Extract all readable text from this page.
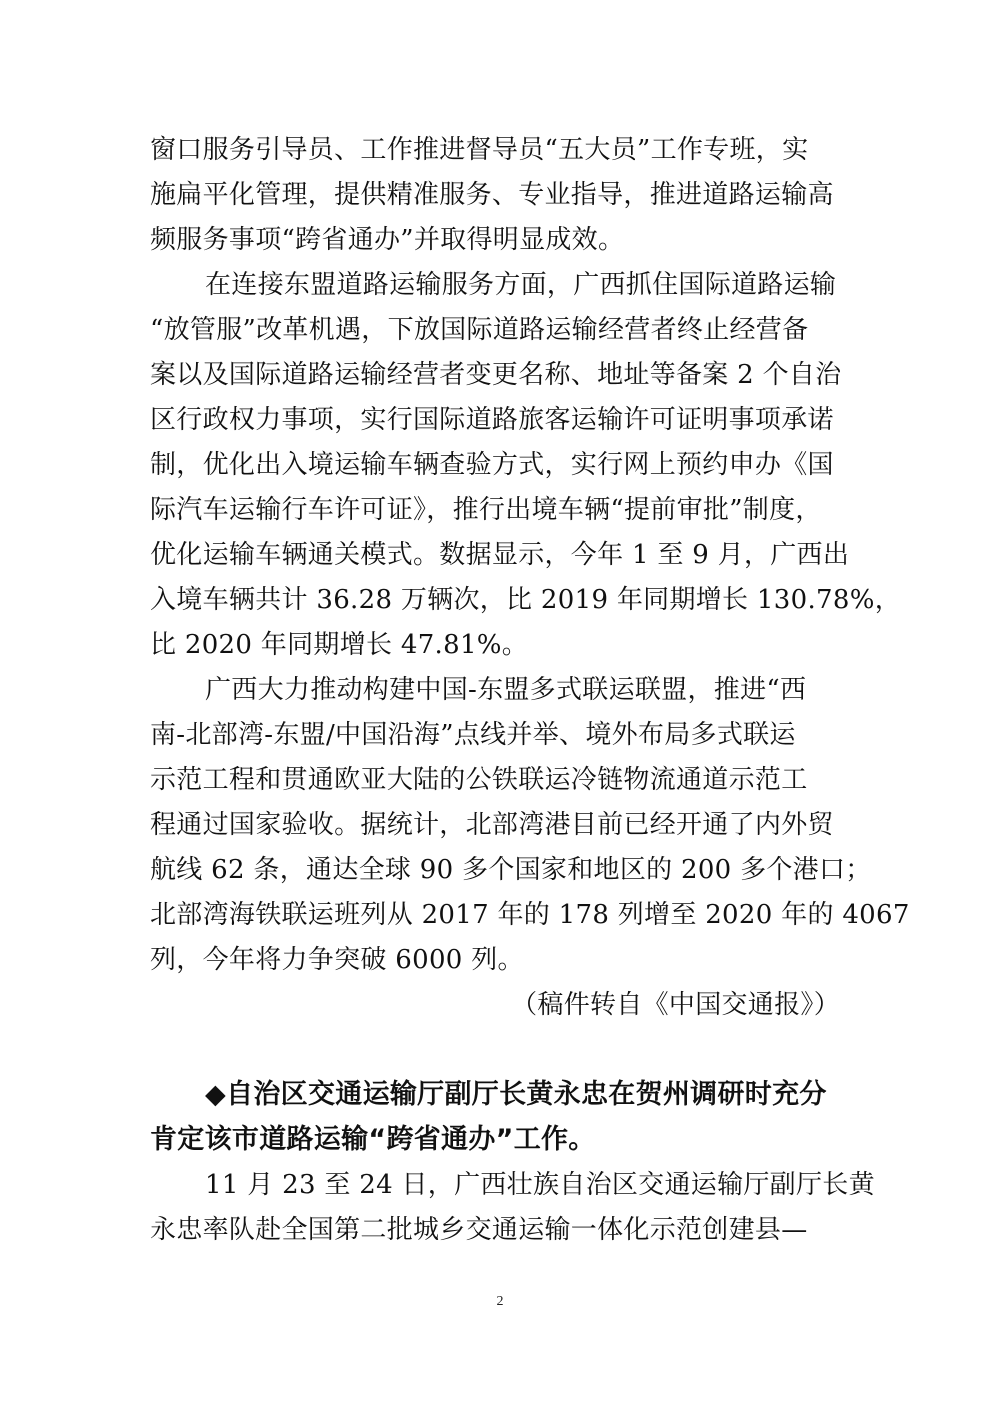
窗口服务引导员、工作推进督导员“五大员”工作专班，实

施扁平化管理，提供精准服务、专业指导，推进道路运输高

频服务事项“跨省通办”并取得明显成效。

在连接东盟道路运输服务方面，广西抓住国际道路运输

“放管服”改革机遇，下放国际道路运输经营者终止经营备

案以及国际道路运输经营者变更名称、地址等备案 2 个自治

区行政权力事项，实行国际道路旅客运输许可证明事项承诺

制，优化出入境运输车辆查验方式，实行网上预约申办《国

际汽车运输行车许可证》，推行出境车辆“提前审批”制度，

优化运输车辆通关模式。数据显示，今年 1 至 9 月，广西出

入境车辆共计 36.28 万辆次，比 2019 年同期增长 130.78%，

比 2020 年同期增长 47.81%。

广西大力推动构建中国-东盟多式联运联盟，推进“西

南-北部湾-东盟/中国沿海”点线并举、境外布局多式联运

示范工程和贯通欧亚大陆的公铁联运冷链物流通道示范工

程通过国家验收。据统计，北部湾港目前已经开通了内外贸

航线 62 条，通达全球 90 多个国家和地区的 200 多个港口；

北部湾海铁联运班列从 2017 年的 178 列增至 2020 年的 4067

列，今年将力争突破 6000 列。

（稿件转自《中国交通报》）

◆自治区交通运输厅副厅长黄永忠在贺州调研时充分

肯定该市道路运输“跨省通办”工作。

11 月 23 至 24 日，广西壮族自治区交通运输厅副厅长黄

永忠率队赴全国第二批城乡交通运输一体化示范创建县—

2
